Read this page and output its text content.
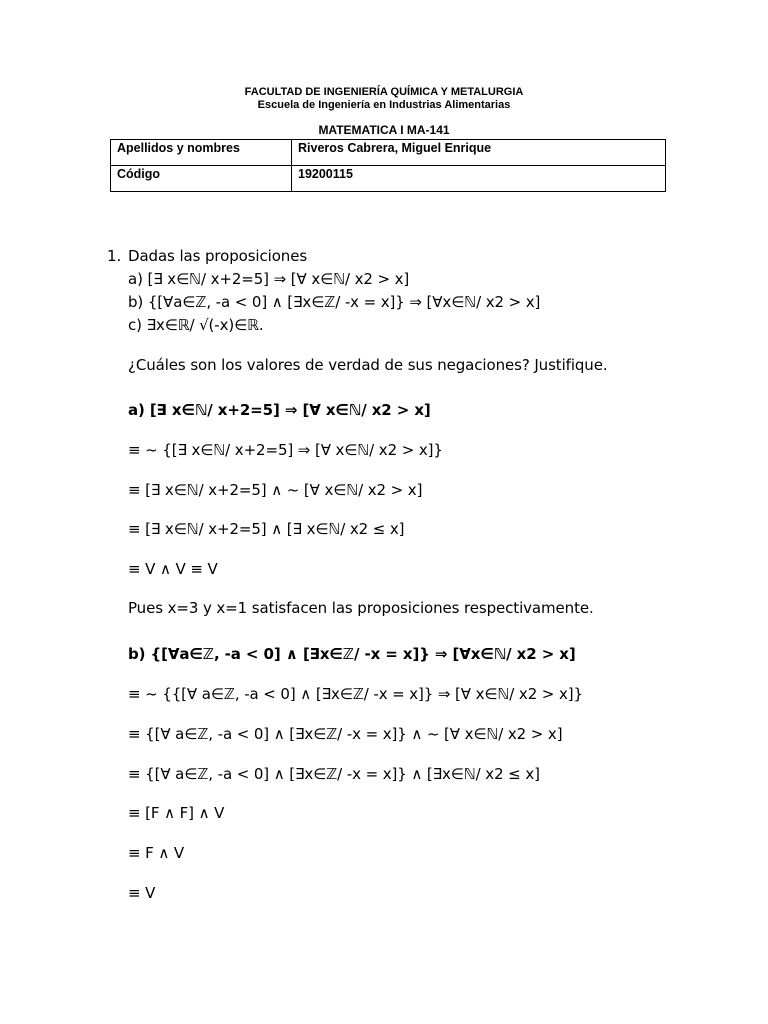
FACULTAD DE INGENIERÍA QUÍMICA Y METALURGIA
Escuela de Ingeniería en Industrias Alimentarias
MATEMATICA I MA-141
Apellidos y nombres	Riveros Cabrera, Miguel Enrique
Código	19200115
1. Dadas las proposiciones
a) [∃ x∈ℕ/ x+2=5] ⇒ [∀ x∈ℕ/ x2 > x]
b) {[∀a∈ℤ, -a < 0] ∧ [∃x∈ℤ/ -x = x]} ⇒ [∀x∈ℕ/ x2 > x]
c) ∃x∈ℝ/ √(-x)∈ℝ.
¿Cuáles son los valores de verdad de sus negaciones? Justifique.
a) [∃ x∈ℕ/ x+2=5] ⇒ [∀ x∈ℕ/ x2 > x]
≡ ~ {[∃ x∈ℕ/ x+2=5] ⇒ [∀ x∈ℕ/ x2 > x]}
≡ [∃ x∈ℕ/ x+2=5] ∧ ~ [∀ x∈ℕ/ x2 > x]
≡ [∃ x∈ℕ/ x+2=5] ∧ [∃ x∈ℕ/ x2 ≤ x]
≡ V ∧ V ≡ V
Pues x=3 y x=1 satisfacen las proposiciones respectivamente.
b) {[∀a∈ℤ, -a < 0] ∧ [∃x∈ℤ/ -x = x]} ⇒ [∀x∈ℕ/ x2 > x]
≡ ~ {{[∀ a∈ℤ, -a < 0] ∧ [∃x∈ℤ/ -x = x]} ⇒ [∀ x∈ℕ/ x2 > x]}
≡ {[∀ a∈ℤ, -a < 0] ∧ [∃x∈ℤ/ -x = x]} ∧ ~ [∀ x∈ℕ/ x2 > x]
≡ {[∀ a∈ℤ, -a < 0] ∧ [∃x∈ℤ/ -x = x]} ∧ [∃x∈ℕ/ x2 ≤ x]
≡ [F ∧ F] ∧ V
≡ F ∧ V
≡ V
